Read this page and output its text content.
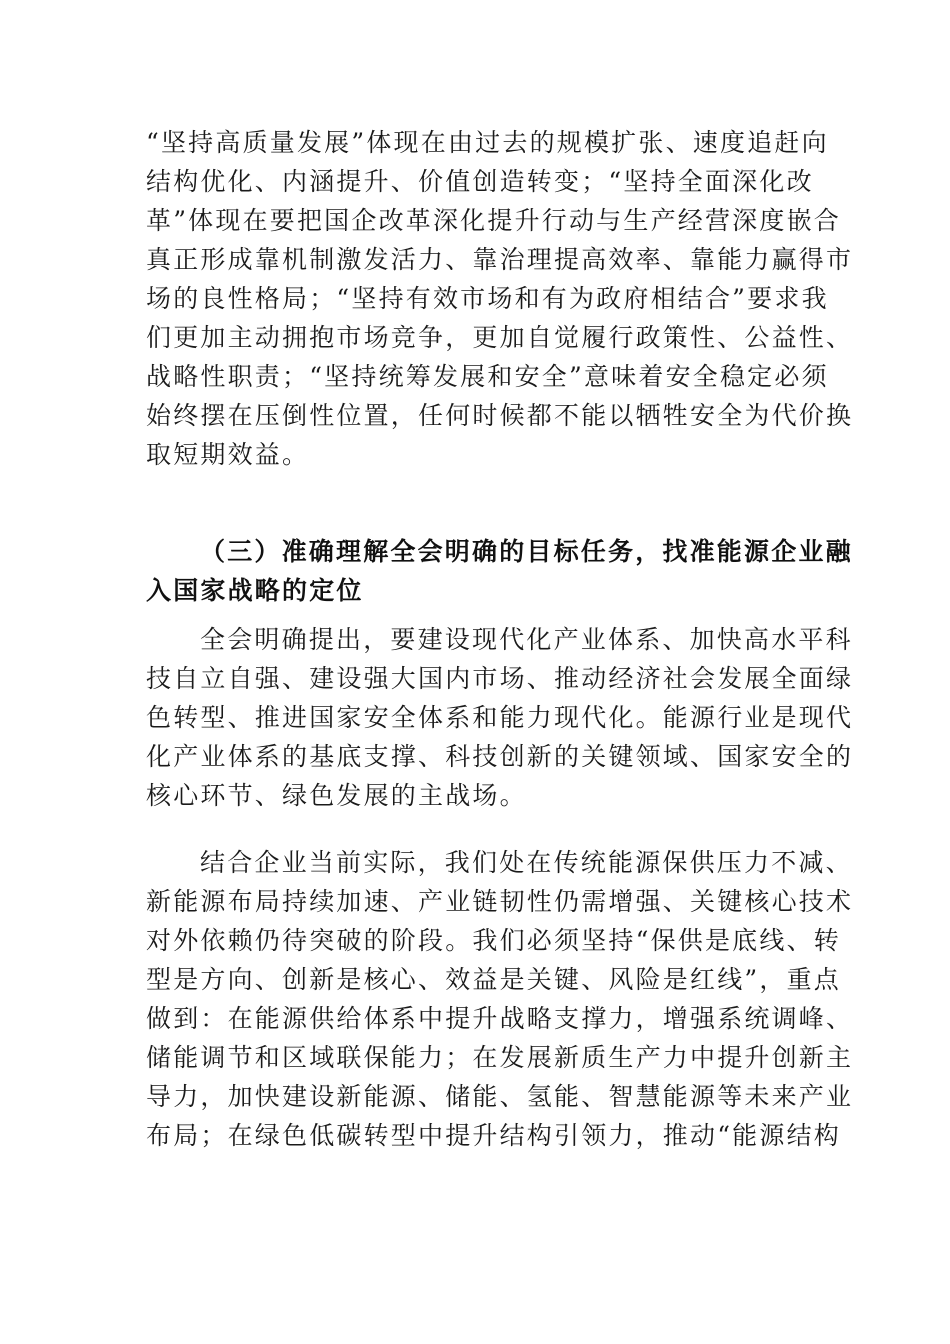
“坚持高质量发展”体现在由过去的规模扩张、速度追赶向
结构优化、内涵提升、价值创造转变；“坚持全面深化改
革”体现在要把国企改革深化提升行动与生产经营深度嵌合
真正形成靠机制激发活力、靠治理提高效率、靠能力赢得市
场的良性格局；“坚持有效市场和有为政府相结合”要求我
们更加主动拥抱市场竞争，更加自觉履行政策性、公益性、
战略性职责；“坚持统筹发展和安全”意味着安全稳定必须
始终摆在压倒性位置，任何时候都不能以牺牲安全为代价换
取短期效益。
（三）准确理解全会明确的目标任务，找准能源企业融
入国家战略的定位
全会明确提出，要建设现代化产业体系、加快高水平科
技自立自强、建设强大国内市场、推动经济社会发展全面绿
色转型、推进国家安全体系和能力现代化。能源行业是现代
化产业体系的基底支撑、科技创新的关键领域、国家安全的
核心环节、绿色发展的主战场。
结合企业当前实际，我们处在传统能源保供压力不减、
新能源布局持续加速、产业链韧性仍需增强、关键核心技术
对外依赖仍待突破的阶段。我们必须坚持“保供是底线、转
型是方向、创新是核心、效益是关键、风险是红线”，重点
做到：在能源供给体系中提升战略支撑力，增强系统调峰、
储能调节和区域联保能力；在发展新质生产力中提升创新主
导力，加快建设新能源、储能、氢能、智慧能源等未来产业
布局；在绿色低碳转型中提升结构引领力，推动“能源结构
